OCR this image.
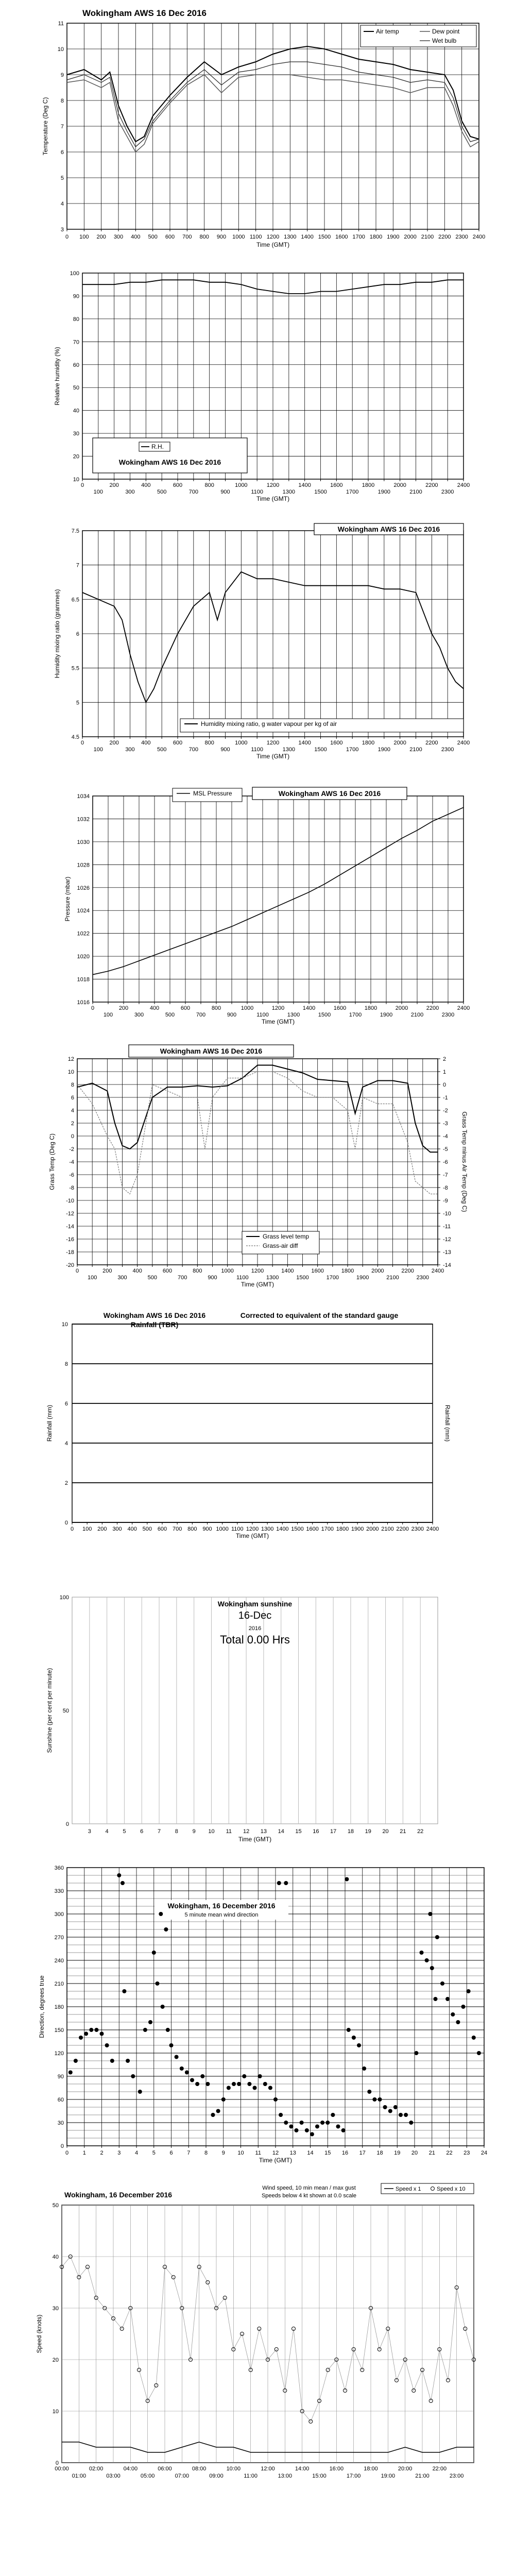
11
10
9
8
7
6
5
4
3
0 100 200 300 400 500 600 700 800 900 1000 1100 1200 1300 1400 1500 1600 1700 1800 1900 2000 2100 2200 2300 2400
Time (GMT)
Temperature (Deg C)
Wokingham AWS 16 Dec 2016
Air temp	Dew point
Wet bulb
100
90
80
70
60
50
40
30
20
10
0	200	400	600	800	1000	1200	1400	1600	1800	2000	2200	2400
100	300	500	700	900	1100	1300	1500	1700	1900	2100	2300
Time (GMT)
Relative humidity (%)
R.H.
Wokingham AWS 16 Dec 2016
7.5
7
6.5
6
5.5
5
4.5
0	200	400	600	800	1000	1200	1400	1600	1800	2000	2200	2400
100	300	500	700	900	1100	1300	1500	1700	1900	2100	2300
Time (GMT)
Humidity mixing ratio (grammes)
Wokingham AWS 16 Dec 2016
Humidity mixing ratio, g water vapour per kg of air
1034
1032
1030
1028
1026
1024
1022
1020
1018
1016
0	200	400	600	800	1000	1200	1400	1600	1800	2000	2200	2400
100	300	500	700	900	1100	1300	1500	1700	1900	2100	2300
Time (GMT)
Pressure (mbar)
MSL Pressure	Wokingham AWS 16 Dec 2016
12
10
8
6
4
2
0
-2
-4
-6
-8
-10
-12
-14
-16
-18
-20
0	200	400	600	800	1000	1200	1400	1600	1800	2000	2200	2400
100	300	500	700	900	1100	1300	1500	1700	1900	2100	2300
Time (GMT)
Grass Temp (Deg C)
2
1
0
-1
-2
-3
-4
-5
-6
-7
-8
-9
-10
-11
-12
-13
-14
Grass Temp minus Air Temp (Deg C)
Wokingham AWS 16 Dec 2016
Grass level temp
Grass-air diff
10
8
6
4
2
0
0 100 200 300 400 500 600 700 800 900 1000 1100 1200 1300 1400 1500 1600 1700 1800 1900 2000 2100 2200 2300 2400
Time (GMT)
Rainfall (mm)	Rainfall (mm)
Wokingham AWS 16 Dec 2016
Rainfall (TBR)
Corrected to equivalent of the standard gauge
3	4	5	6	7	8	9 10 11 12 13 14 15 16 17 18 19 20 21 22
100
50
0
Time (GMT)
Sunshine (per cent per minute)
Wokingham sunshine
16-Dec
2016
Total 0.00 Hrs
360
330
300
270
240
210
180
150
120
90
60
30
0
0	1	2	3	4	5	6	7	8	9 10 11 12 13 14 15 16 17 18 19 20 21 22 23 24
Time (GMT)
Direction, degrees true
Wokingham, 16 December 2016
5 minute mean wind direction
50
40
30
20
10
0
00:00	02:00	04:00	06:00	08:00	10:00	12:00	14:00	16:00	18:00	20:00	22:00
01:00	03:00	05:00	07:00	09:00	11:00	13:00	15:00	17:00	19:00	21:00	23:00
Speed (knots)
Wokingham, 16 December 2016
Wind speed, 10 min mean / max gust
Speeds below 4 kt shown at 0.0 scale
Speed x 1	Speed x 10
